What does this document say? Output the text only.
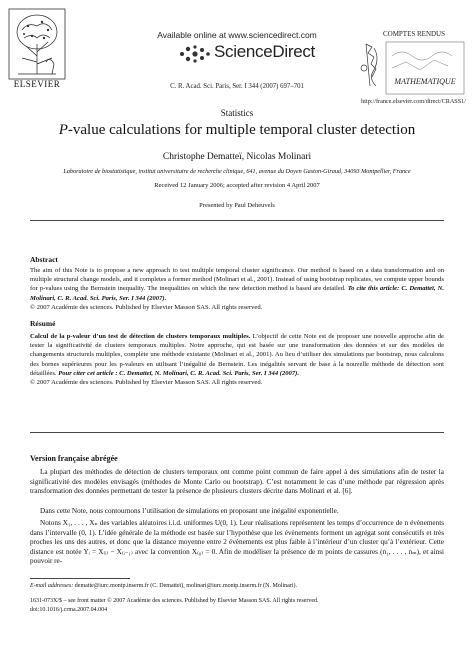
ELSEVIER
Available online at www.sciencedirect.com
ScienceDirect
C. R. Acad. Sci. Paris, Ser. I 344 (2007) 697–701
COMPTES RENDUS
MATHEMATIQUE
http://france.elsevier.com/direct/CRASS1/
Statistics
P-value calculations for multiple temporal cluster detection
Christophe Dematteï, Nicolas Molinari
Laboratoire de biostatistique, institut universitaire de recherche clinique, 641, avenue du Doyen Gaston-Giraud, 34093 Montpellier, France
Received 12 January 2006; accepted after revision 4 April 2007
Presented by Paul Deheuvels
Abstract
The aim of this Note is to propose a new approach to test multiple temporal cluster significance. Our method is based on a data transformation and on multiple structural change models, and it completes a former method (Molinari et al., 2001). Instead of using bootstrap replicates, we compute upper bounds for p-values using the Bernstein inequality. The inequalities on which the new detection method is based are detailed. To cite this article: C. Dematteï, N. Molinari, C. R. Acad. Sci. Paris, Ser. I 344 (2007).
© 2007 Académie des sciences. Published by Elsevier Masson SAS. All rights reserved.
Résumé
Calcul de la p-valeur d’un test de détection de clusters temporaux multiples. L’objectif de cette Note est de proposer une nouvelle approche afin de tester la significativité de clusters temporaux multiples. Notre approche, qui est basée sur une transformation des données et sur des modèles de changements structurels multiples, complète une méthode existante (Molinari et al., 2001). Au lieu d’utiliser des simulations par bootstrap, nous calculons des bornes supérieures pour les p-valeurs en utilisant l’inégalité de Bernstein. Les inégalités servant de base à la nouvelle méthode de détection sont détaillées. Pour citer cet article : C. Dematteï, N. Molinari, C. R. Acad. Sci. Paris, Ser. I 344 (2007).
© 2007 Académie des sciences. Published by Elsevier Masson SAS. All rights reserved.
Version française abrégée
La plupart des méthodes de détection de clusters temporaux ont comme point commun de faire appel à des simulations afin de tester la significativité des modèles envisagés (méthodes de Monte Carlo ou bootstrap). C’est notamment le cas d’une méthode par régression après transformation des données permettant de tester la présence de plusieurs clusters décrite dans Molinari et al. [6].
Dans cette Note, nous contournons l’utilisation de simulations en proposant une inégalité exponentielle.
Notons X₁, . . . , Xₙ des variables aléatoires i.i.d. uniformes U(0, 1). Leur réalisations représentent les temps d’occurrence de n évènements dans l’intervalle (0, 1). L’idée générale de la méthode est basée sur l’hypothèse que les évènements forment un agrégat sont consécutifs et très proches les uns des autres, et donc que la distance moyenne entre 2 évènements est plus faible à l’intérieur d’un cluster qu’à l’extérieur. Cette distance est notée Yᵢ = X₍ᵢ₎ − X₍ᵢ₋₁₎ avec la convention X₍₀₎ = 0. Afin de modéliser la présence de m points de cassures (n₁, . . . , nₘ), et ainsi pouvoir re-
E-mail addresses: dematte@iurc.montp.inserm.fr (C. Dematteï), molinari@iurc.montp.inserm.fr (N. Molinari).
1631-073X/$ – see front matter © 2007 Académie des sciences. Published by Elsevier Masson SAS. All rights reserved.
doi:10.1016/j.crma.2007.04.004
